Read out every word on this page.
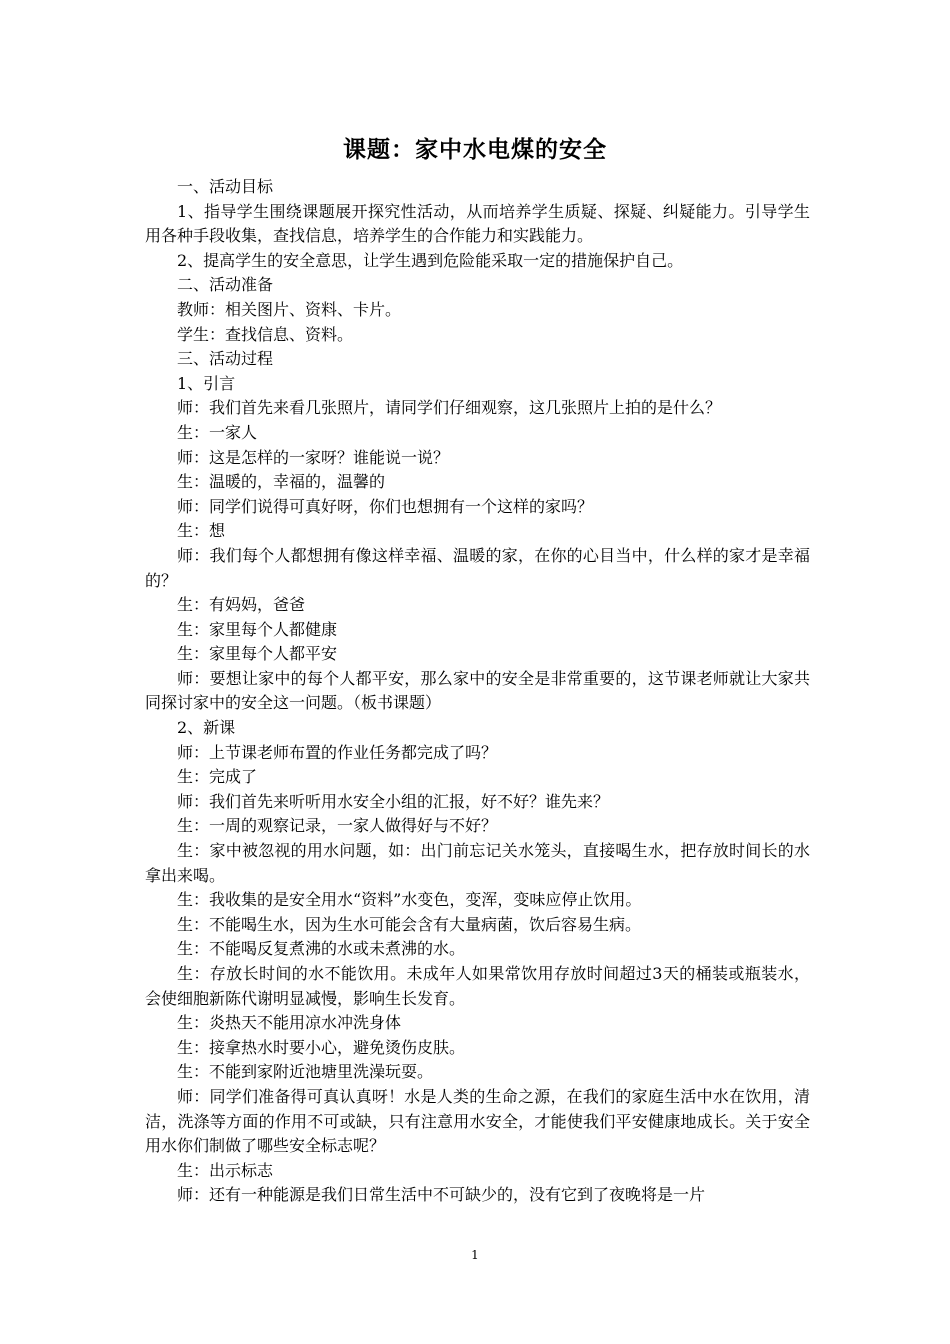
课题：家中水电煤的安全

一、活动目标

1、指导学生围绕课题展开探究性活动，从而培养学生质疑、探疑、纠疑能力。引导学生用各种手段收集，查找信息，培养学生的合作能力和实践能力。

2、提高学生的安全意思，让学生遇到危险能采取一定的措施保护自己。

二、活动准备

教师：相关图片、资料、卡片。

学生：查找信息、资料。

三、活动过程

1、引言

师：我们首先来看几张照片，请同学们仔细观察，这几张照片上拍的是什么？

生：一家人

师：这是怎样的一家呀？谁能说一说？

生：温暖的，幸福的，温馨的

师：同学们说得可真好呀，你们也想拥有一个这样的家吗？

生：想

师：我们每个人都想拥有像这样幸福、温暖的家，在你的心目当中，什么样的家才是幸福的？

生：有妈妈，爸爸

生：家里每个人都健康

生：家里每个人都平安

师：要想让家中的每个人都平安，那么家中的安全是非常重要的，这节课老师就让大家共同探讨家中的安全这一问题。（板书课题）

2、新课

师：上节课老师布置的作业任务都完成了吗？

生：完成了

师：我们首先来听听用水安全小组的汇报，好不好？谁先来？

生：一周的观察记录，一家人做得好与不好？

生：家中被忽视的用水问题，如：出门前忘记关水笼头，直接喝生水，把存放时间长的水拿出来喝。

生：我收集的是安全用水“资料”水变色，变浑，变味应停止饮用。

生：不能喝生水，因为生水可能会含有大量病菌，饮后容易生病。

生：不能喝反复煮沸的水或未煮沸的水。

生：存放长时间的水不能饮用。未成年人如果常饮用存放时间超过3天的桶装或瓶装水，会使细胞新陈代谢明显减慢，影响生长发育。

生：炎热天不能用凉水冲洗身体

生：接拿热水时要小心，避免烫伤皮肤。

生：不能到家附近池塘里洗澡玩耍。

师：同学们准备得可真认真呀！水是人类的生命之源，在我们的家庭生活中水在饮用，清洁，洗涤等方面的作用不可或缺，只有注意用水安全，才能使我们平安健康地成长。关于安全用水你们制做了哪些安全标志呢？

生：出示标志

师：还有一种能源是我们日常生活中不可缺少的，没有它到了夜晚将是一片

1
